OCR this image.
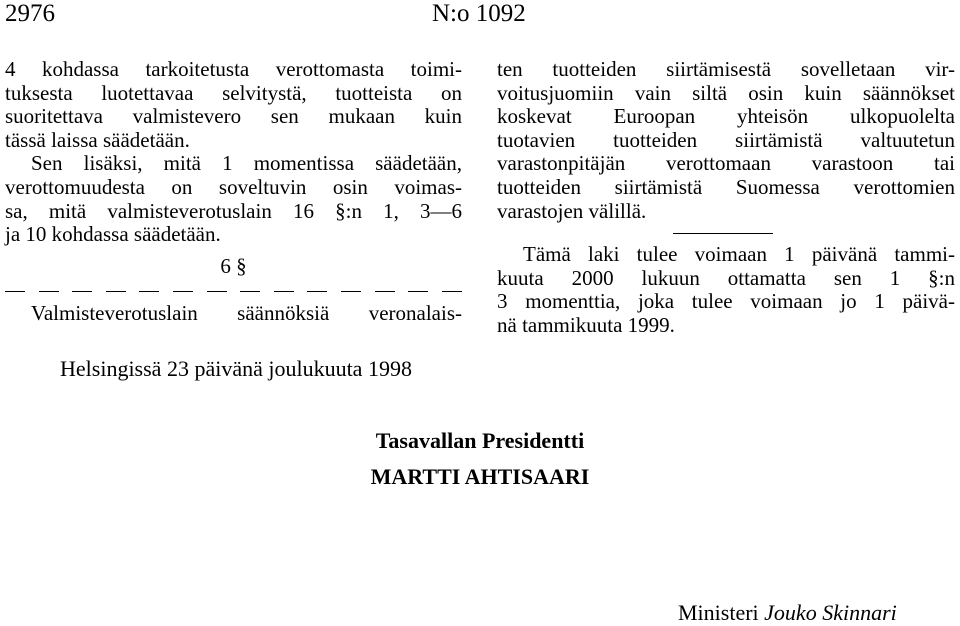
2976	N:o 1092
4 kohdassa tarkoitetusta verottomasta toimi-
tuksesta luotettavaa selvitystä, tuotteista on
suoritettava valmistevero sen mukaan kuin
tässä laissa säädetään.
Sen lisäksi, mitä 1 momentissa säädetään,
verottomuudesta on soveltuvin osin voimas-
sa, mitä valmisteverotuslain 16 §:n 1, 3—6
ja 10 kohdassa säädetään.
6 §
Valmisteverotuslain säännöksiä veronalais-
ten tuotteiden siirtämisestä sovelletaan vir-
voitusjuomiin vain siltä osin kuin säännökset
koskevat Euroopan yhteisön ulkopuolelta
tuotavien tuotteiden siirtämistä valtuutetun
varastonpitäjän verottomaan varastoon tai
tuotteiden siirtämistä Suomessa verottomien
varastojen välillä.
Tämä laki tulee voimaan 1 päivänä tammi-
kuuta 2000 lukuun ottamatta sen 1 §:n
3 momenttia, joka tulee voimaan jo 1 päivä-
nä tammikuuta 1999.
Helsingissä 23 päivänä joulukuuta 1998
Tasavallan Presidentti
MARTTI AHTISAARI
Ministeri Jouko Skinnari
